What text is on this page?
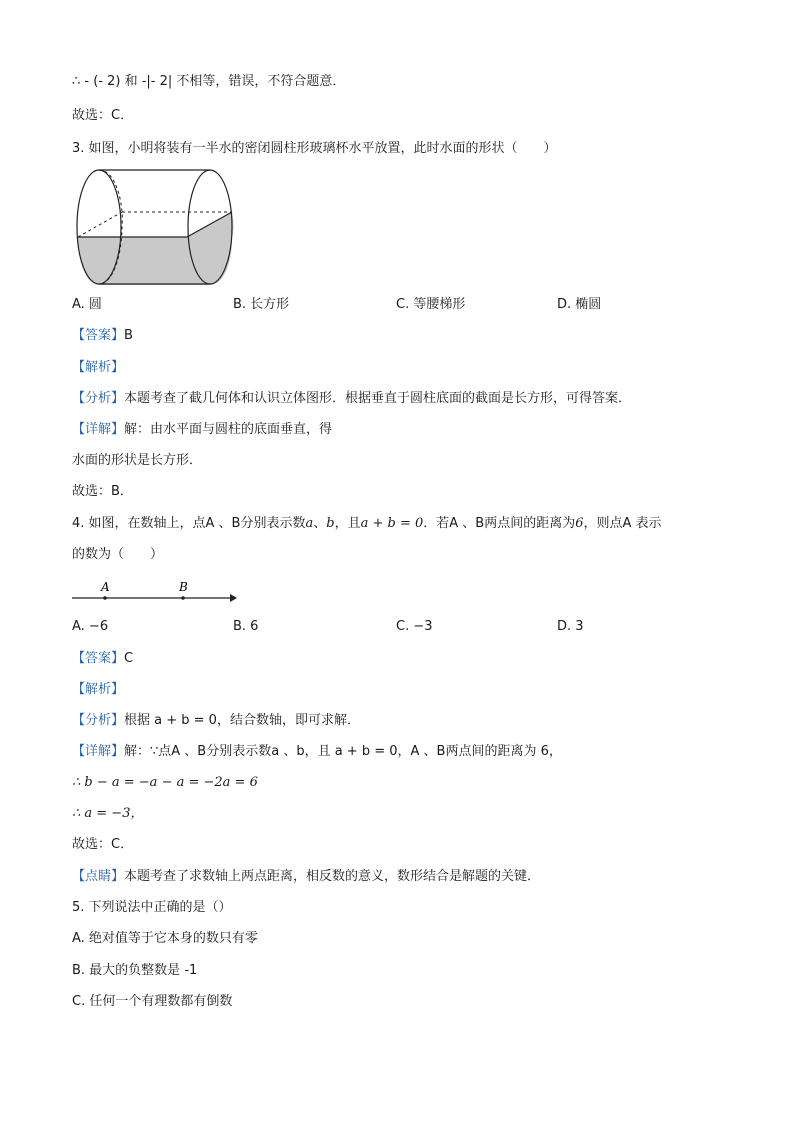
∴ - (- 2) 和 -|- 2| 不相等，错误，不符合题意．
故选：C．
3. 如图，小明将装有一半水的密闭圆柱形玻璃杯水平放置，此时水面的形状（　　）
A. 圆	B. 长方形	C. 等腰梯形	D. 椭圆
【答案】B
【解析】
【分析】本题考查了截几何体和认识立体图形．根据垂直于圆柱底面的截面是长方形，可得答案．
【详解】解：由水平面与圆柱的底面垂直，得
水面的形状是长方形．
故选：B．
4. 如图，在数轴上，点A 、B分别表示数a、b，且a + b = 0．若A 、B两点间的距离为6，则点A 表示
的数为（　　）
A	B
A. −6	B. 6	C. −3	D. 3
【答案】C
【解析】
【分析】根据 a + b = 0，结合数轴，即可求解．
【详解】解：∵点A 、B分别表示数a 、b，且 a + b = 0，A 、B两点间的距离为 6，
∴ b − a = −a − a = −2a = 6
∴ a = −3，
故选：C．
【点睛】本题考查了求数轴上两点距离，相反数的意义，数形结合是解题的关键．
5. 下列说法中正确的是（）
A. 绝对值等于它本身的数只有零
B. 最大的负整数是 -1
C. 任何一个有理数都有倒数
